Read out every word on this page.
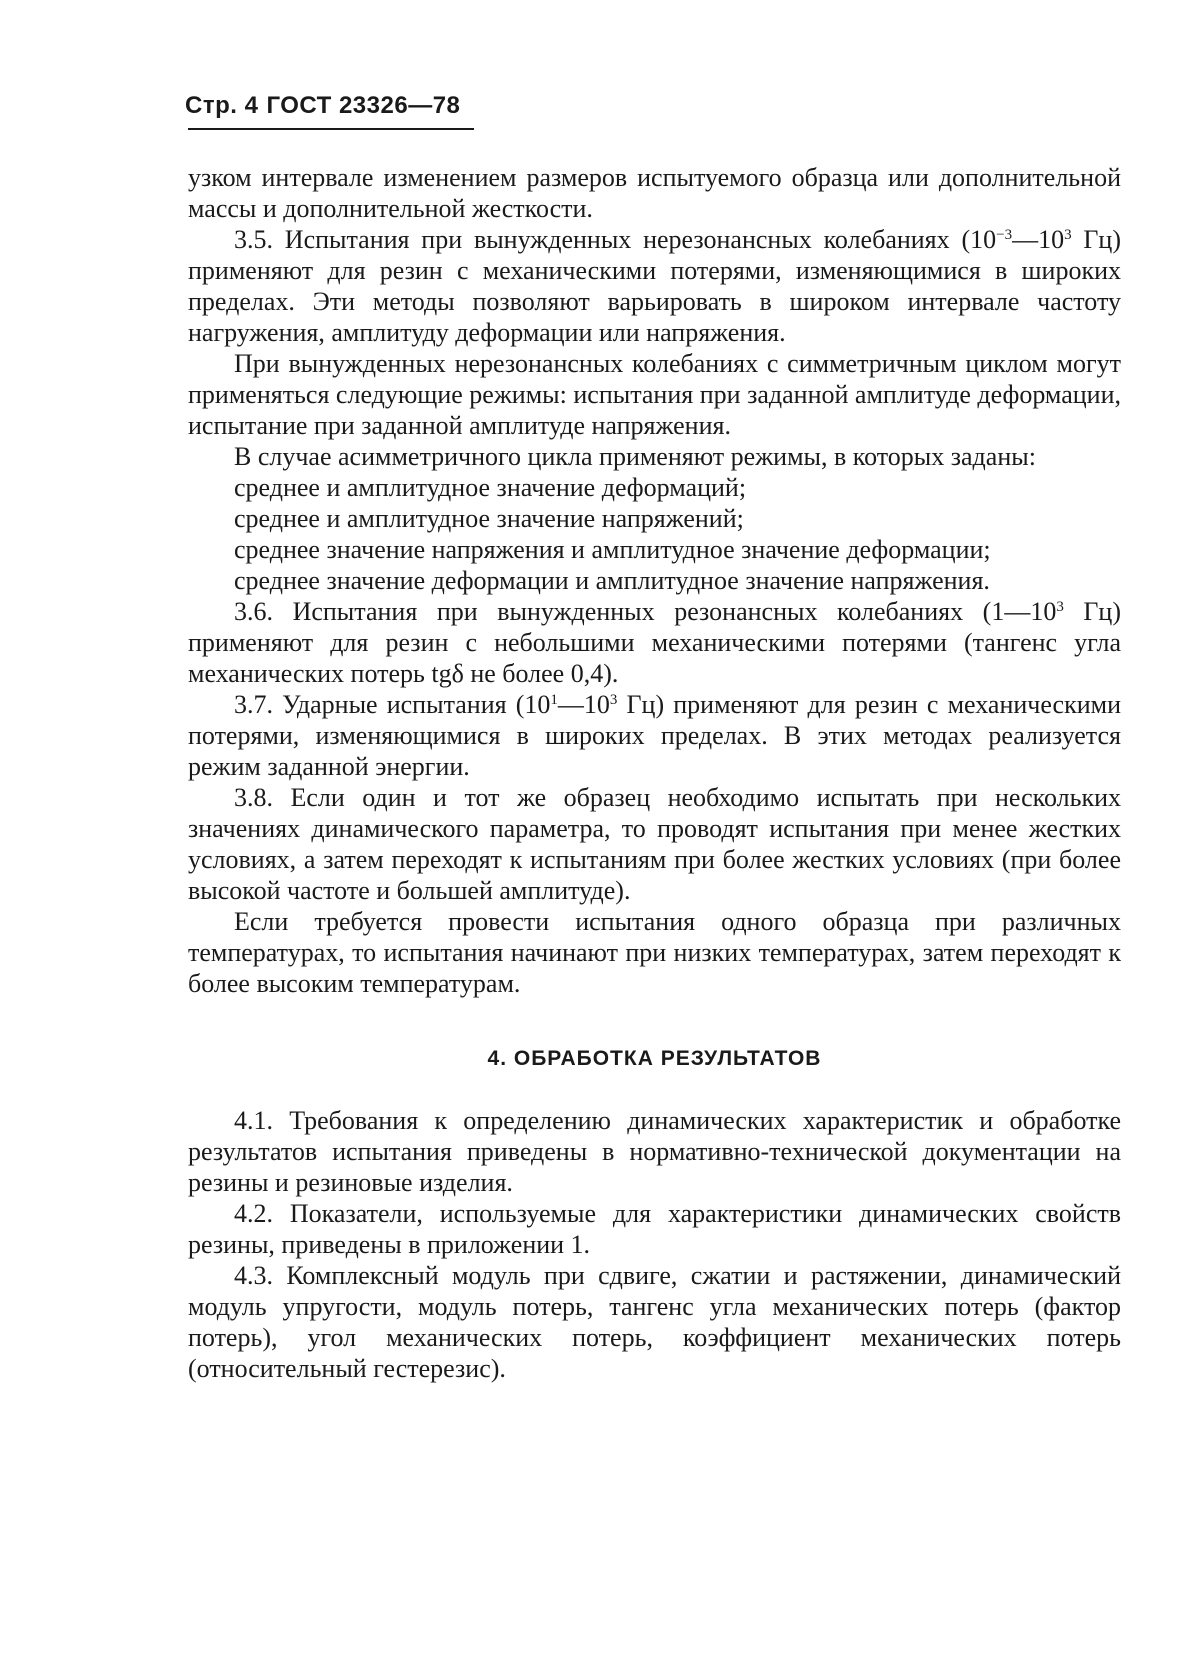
Стр. 4 ГОСТ 23326—78

узком интервале изменением размеров испытуемого образца или дополнительной массы и дополнительной жесткости.

3.5. Испытания при вынужденных нерезонансных колебаниях ($10^{-3}—10^3$ Гц) применяют для резин с механическими потерями, изменяющимися в широких пределах. Эти методы позволяют варьировать в широком интервале частоту нагружения, амплитуду деформации или напряжения.

При вынужденных нерезонансных колебаниях с симметричным циклом могут применяться следующие режимы: испытания при заданной амплитуде деформации, испытание при заданной амплитуде напряжения.

В случае асимметричного цикла применяют режимы, в которых заданы:

среднее и амплитудное значение деформаций;

среднее и амплитудное значение напряжений;

среднее значение напряжения и амплитудное значение деформации;

среднее значение деформации и амплитудное значение напряжения.

3.6. Испытания при вынужденных резонансных колебаниях ($1—10^3$ Гц) применяют для резин с небольшими механическими потерями (тангенс угла механических потерь tgδ не более 0,4).

3.7. Ударные испытания ($10^1—10^3$ Гц) применяют для резин с механическими потерями, изменяющимися в широких пределах. В этих методах реализуется режим заданной энергии.

3.8. Если один и тот же образец необходимо испытать при нескольких значениях динамического параметра, то проводят испытания при менее жестких условиях, а затем переходят к испытаниям при более жестких условиях (при более высокой частоте и большей амплитуде).

Если требуется провести испытания одного образца при различных температурах, то испытания начинают при низких температурах, затем переходят к более высоким температурам.

4. ОБРАБОТКА РЕЗУЛЬТАТОВ

4.1. Требования к определению динамических характеристик и обработке результатов испытания приведены в нормативно-технической документации на резины и резиновые изделия.

4.2. Показатели, используемые для характеристики динамических свойств резины, приведены в приложении 1.

4.3. Комплексный модуль при сдвиге, сжатии и растяжении, динамический модуль упругости, модуль потерь, тангенс угла механических потерь (фактор потерь), угол механических потерь, коэффициент механических потерь (относительный гестерезис).
